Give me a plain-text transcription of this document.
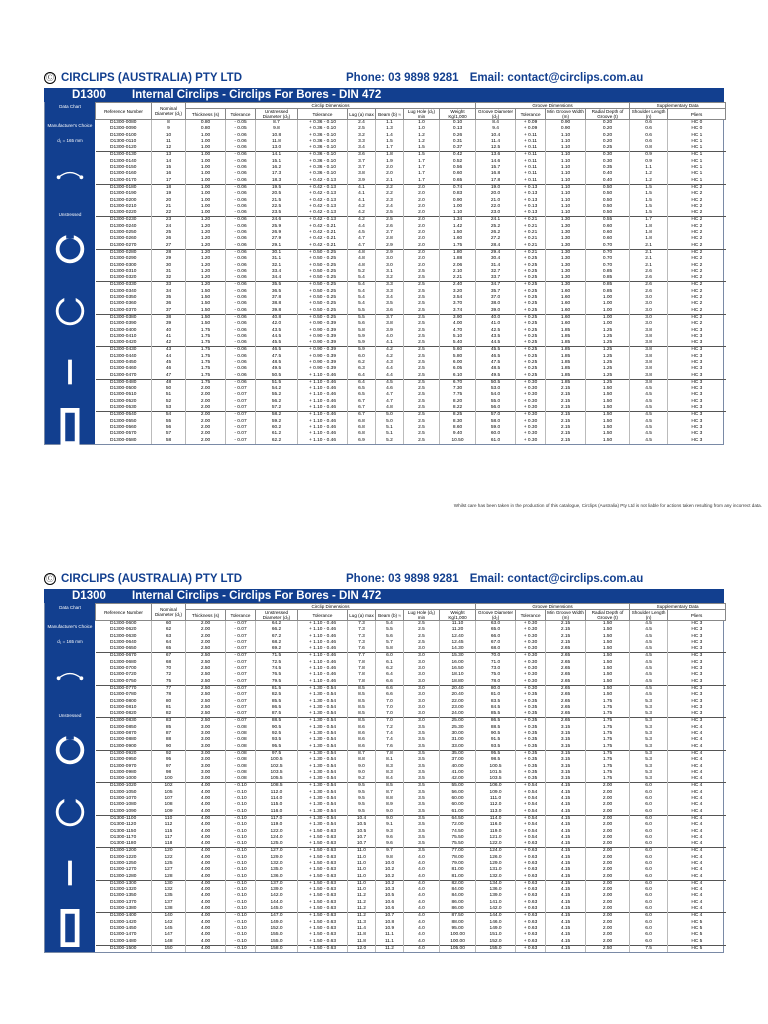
Ⓒ CIRCLIPS (AUSTRALIA) PTY LTD	Phone: 03 9898 9281 Email: contact@circlips.com.au
D1300 Internal Circlips - Circlips For Bores - DIN 472
Data Chart
Manufacturer's Choice
d₁ = 165 mm
Unstressed
Reference Number	Nominal Diameter (d₁)	Circlip Dimensions								Groove Dimensions				Supplementary Data	
		Thickness (s)	Tolerance	Unstressed Diameter (d₃)	Tolerance	Lug (a) max	Beam (b) ≈	Lug Hole (d₅) min	Weight Kg/1,000	Groove Diameter (d₂)	Tolerance	Min Groove Width (m)	Radial Depth of Groove (t)	Shoulder Length (n)	Pliers
D1300-0080	8	0.80	- 0.05	8.7	+ 0.36 - 0.10	2.4	1.1	1.0	0.10	8.4	+ 0.09	0.90	0.20	0.6	HC 0
D1300-0090	9	0.80	- 0.05	9.8	+ 0.36 - 0.10	2.5	1.3	1.0	0.13	9.4	+ 0.09	0.90	0.20	0.6	HC 0
D1300-0100	10	1.00	- 0.06	10.8	+ 0.36 - 0.10	3.2	1.4	1.2	0.26	10.4	+ 0.11	1.10	0.20	0.6	HC 1
D1300-0110	11	1.00	- 0.06	11.8	+ 0.36 - 0.10	3.3	1.5	1.2	0.31	11.4	+ 0.11	1.10	0.20	0.6	HC 1
D1300-0120	12	1.00	- 0.06	13.0	+ 0.36 - 0.10	3.4	1.7	1.5	0.37	12.5	+ 0.11	1.10	0.25	0.8	HC 1
D1300-0130	13	1.00	- 0.06	14.1	+ 0.36 - 0.10	3.6	1.8	1.5	0.42	13.6	+ 0.11	1.10	0.30	0.9	HC 1
D1300-0140	14	1.00	- 0.06	15.1	+ 0.36 - 0.10	3.7	1.9	1.7	0.52	14.6	+ 0.11	1.10	0.30	0.9	HC 1
D1300-0150	15	1.00	- 0.06	16.2	+ 0.36 - 0.10	3.7	2.0	1.7	0.56	15.7	+ 0.11	1.10	0.35	1.1	HC 1
D1300-0160	16	1.00	- 0.06	17.3	+ 0.36 - 0.10	3.8	2.0	1.7	0.60	16.8	+ 0.11	1.10	0.40	1.2	HC 1
D1300-0170	17	1.00	- 0.06	18.3	+ 0.42 - 0.13	3.9	2.1	1.7	0.65	17.8	+ 0.11	1.10	0.40	1.2	HC 1
D1300-0180	18	1.00	- 0.06	19.5	+ 0.42 - 0.13	4.1	2.2	2.0	0.74	19.0	+ 0.13	1.10	0.50	1.5	HC 2
D1300-0190	19	1.00	- 0.06	20.5	+ 0.42 - 0.13	4.1	2.2	2.0	0.83	20.0	+ 0.13	1.10	0.50	1.5	HC 2
D1300-0200	20	1.00	- 0.06	21.5	+ 0.42 - 0.13	4.1	2.3	2.0	0.90	21.0	+ 0.13	1.10	0.50	1.5	HC 2
D1300-0210	21	1.00	- 0.06	22.5	+ 0.42 - 0.13	4.2	2.4	2.0	1.00	22.0	+ 0.13	1.10	0.50	1.5	HC 2
D1300-0220	22	1.00	- 0.06	23.5	+ 0.42 - 0.13	4.2	2.5	2.0	1.10	23.0	+ 0.13	1.10	0.50	1.5	HC 2
D1300-0230	23	1.20	- 0.06	24.6	+ 0.42 - 0.13	4.2	2.5	2.0	1.34	24.1	+ 0.21	1.30	0.55	1.7	HC 2
D1300-0240	24	1.20	- 0.06	25.9	+ 0.42 - 0.21	4.4	2.6	2.0	1.42	25.2	+ 0.21	1.30	0.60	1.8	HC 2
D1300-0250	25	1.20	- 0.06	26.9	+ 0.42 - 0.21	4.5	2.7	2.0	1.50	26.2	+ 0.21	1.30	0.60	1.8	HC 2
D1300-0260	26	1.20	- 0.06	27.9	+ 0.42 - 0.21	4.7	2.8	2.0	1.60	27.2	+ 0.21	1.30	0.60	1.8	HC 2
D1300-0270	27	1.20	- 0.06	29.1	+ 0.42 - 0.21	4.7	2.9	2.0	1.75	28.4	+ 0.21	1.30	0.70	2.1	HC 2
D1300-0280	28	1.20	- 0.06	30.1	+ 0.50 - 0.25	4.8	2.9	2.0	1.80	29.4	+ 0.21	1.30	0.70	2.1	HC 2
D1300-0290	29	1.20	- 0.06	31.1	+ 0.50 - 0.25	4.8	3.0	2.0	1.88	30.4	+ 0.25	1.30	0.70	2.1	HC 2
D1300-0300	30	1.20	- 0.06	32.1	+ 0.50 - 0.25	4.8	3.0	2.0	2.06	31.4	+ 0.25	1.30	0.70	2.1	HC 2
D1300-0310	31	1.20	- 0.06	33.4	+ 0.50 - 0.25	5.2	3.1	2.5	2.10	32.7	+ 0.25	1.30	0.85	2.6	HC 2
D1300-0320	32	1.20	- 0.06	34.4	+ 0.50 - 0.25	5.4	3.2	2.5	2.21	33.7	+ 0.25	1.30	0.85	2.6	HC 2
D1300-0330	33	1.20	- 0.06	35.5	+ 0.50 - 0.25	5.4	3.3	2.5	2.40	34.7	+ 0.25	1.30	0.85	2.6	HC 2
D1300-0340	34	1.50	- 0.06	36.5	+ 0.50 - 0.25	5.4	3.3	2.5	3.20	35.7	+ 0.25	1.60	0.85	2.6	HC 2
D1300-0350	35	1.50	- 0.06	37.8	+ 0.50 - 0.25	5.4	3.4	2.5	3.54	37.0	+ 0.25	1.60	1.00	3.0	HC 2
D1300-0360	36	1.50	- 0.06	38.8	+ 0.50 - 0.25	5.4	3.5	2.5	3.70	38.0	+ 0.25	1.60	1.00	3.0	HC 2
D1300-0370	37	1.50	- 0.06	39.8	+ 0.50 - 0.25	5.5	3.6	2.5	3.74	39.0	+ 0.25	1.60	1.00	3.0	HC 2
D1300-0380	38	1.50	- 0.06	40.8	+ 0.50 - 0.25	5.5	3.7	2.5	3.90	40.0	+ 0.25	1.60	1.00	3.0	HC 2
D1300-0390	39	1.50	- 0.06	42.0	+ 0.90 - 0.39	5.6	3.8	2.5	4.00	41.0	+ 0.25	1.60	1.00	3.0	HC 2
D1300-0400	40	1.75	- 0.06	43.5	+ 0.90 - 0.39	5.8	3.9	2.5	4.70	42.5	+ 0.25	1.85	1.25	3.8	HC 3
D1300-0410	41	1.75	- 0.06	44.5	+ 0.90 - 0.39	5.9	4.0	2.5	5.10	43.5	+ 0.25	1.85	1.25	3.8	HC 3
D1300-0420	42	1.75	- 0.06	45.5	+ 0.90 - 0.39	5.9	4.1	2.5	5.40	44.5	+ 0.25	1.85	1.25	3.8	HC 3
D1300-0430	43	1.75	- 0.06	46.5	+ 0.90 - 0.39	5.9	4.2	2.5	5.60	45.5	+ 0.25	1.85	1.25	3.8	HC 3
D1300-0440	44	1.75	- 0.06	47.5	+ 0.90 - 0.39	6.0	4.2	2.5	5.80	46.5	+ 0.25	1.85	1.25	3.8	HC 3
D1300-0450	45	1.75	- 0.06	48.5	+ 0.90 - 0.39	6.2	4.3	2.5	6.00	47.5	+ 0.25	1.85	1.25	3.8	HC 3
D1300-0460	46	1.75	- 0.06	49.5	+ 0.90 - 0.39	6.3	4.4	2.5	6.05	48.5	+ 0.25	1.85	1.25	3.8	HC 3
D1300-0470	47	1.75	- 0.06	50.5	+ 1.10 - 0.46	6.4	4.4	2.5	6.10	49.5	+ 0.25	1.85	1.25	3.8	HC 3
D1300-0480	48	1.75	- 0.06	51.5	+ 1.10 - 0.46	6.4	4.5	2.5	6.70	50.5	+ 0.30	1.85	1.25	3.8	HC 3
D1300-0500	50	2.00	- 0.07	54.2	+ 1.10 - 0.46	6.5	4.6	2.5	7.30	53.0	+ 0.30	2.15	1.50	4.5	HC 3
D1300-0510	51	2.00	- 0.07	55.2	+ 1.10 - 0.46	6.5	4.7	2.5	7.75	54.0	+ 0.30	2.15	1.50	4.5	HC 3
D1300-0520	52	2.00	- 0.07	56.2	+ 1.10 - 0.46	6.7	4.7	2.5	8.20	55.0	+ 0.30	2.15	1.50	4.5	HC 3
D1300-0530	53	2.00	- 0.07	57.2	+ 1.10 - 0.46	6.7	4.8	2.5	8.22	56.0	+ 0.30	2.15	1.50	4.5	HC 3
D1300-0540	54	2.00	- 0.07	58.2	+ 1.10 - 0.46	6.7	5.0	2.5	8.25	57.0	+ 0.30	2.15	1.50	4.5	HC 3
D1300-0550	55	2.00	- 0.07	59.2	+ 1.10 - 0.46	6.8	5.0	2.5	8.30	58.0	+ 0.30	2.15	1.50	4.5	HC 3
D1300-0560	56	2.00	- 0.07	60.2	+ 1.10 - 0.46	6.8	5.1	2.5	8.60	59.0	+ 0.30	2.15	1.50	4.5	HC 3
D1300-0570	57	2.00	- 0.07	61.2	+ 1.10 - 0.46	6.8	5.1	2.5	9.40	60.0	+ 0.30	2.15	1.50	4.5	HC 3
D1300-0580	58	2.00	- 0.07	62.2	+ 1.10 - 0.46	6.9	5.2	2.5	10.50	61.0	+ 0.30	2.15	1.50	4.5	HC 3
Ⓒ CIRCLIPS (AUSTRALIA) PTY LTD	Phone: 03 9898 9281 Email: contact@circlips.com.au
D1300 Internal Circlips - Circlips For Bores - DIN 472
Data Chart
Manufacturer's Choice
d₁ = 165 mm
Unstressed
Reference Number	Nominal Diameter (d₁)	Circlip Dimensions								Groove Dimensions				Supplementary Data	
		Thickness (s)	Tolerance	Unstressed Diameter (d₃)	Tolerance	Lug (a) max	Beam (b) ≈	Lug Hole (d₅) min	Weight Kg/1,000	Groove Diameter (d₂)	Tolerance	Min Groove Width (m)	Radial Depth of Groove (t)	Shoulder Length (n)	Pliers
D1300-0600	60	2.00	- 0.07	64.2	+ 1.10 - 0.46	7.3	5.4	2.5	11.10	63.0	+ 0.30	2.15	1.50	4.5	HC 3
D1300-0620	62	2.00	- 0.07	66.2	+ 1.10 - 0.46	7.3	5.5	2.5	11.20	65.0	+ 0.30	2.15	1.50	4.5	HC 3
D1300-0630	63	2.00	- 0.07	67.2	+ 1.10 - 0.46	7.3	5.6	2.5	12.40	66.0	+ 0.30	2.15	1.50	4.5	HC 3
D1300-0640	64	2.00	- 0.07	68.2	+ 1.10 - 0.46	7.3	5.7	2.5	12.45	67.0	+ 0.30	2.15	1.50	4.5	HC 3
D1300-0650	65	2.50	- 0.07	69.2	+ 1.10 - 0.46	7.6	5.8	3.0	14.30	68.0	+ 0.30	2.65	1.50	4.5	HC 3
D1300-0670	67	2.50	- 0.07	71.5	+ 1.10 - 0.46	7.7	6.0	3.0	15.30	70.0	+ 0.30	2.65	1.50	4.5	HC 3
D1300-0680	68	2.50	- 0.07	72.5	+ 1.10 - 0.46	7.8	6.1	3.0	16.00	71.0	+ 0.30	2.65	1.50	4.5	HC 3
D1300-0700	70	2.50	- 0.07	74.5	+ 1.10 - 0.46	7.8	6.2	3.0	16.50	73.0	+ 0.30	2.65	1.50	4.5	HC 3
D1300-0720	72	2.50	- 0.07	76.5	+ 1.10 - 0.46	7.8	6.4	3.0	18.10	75.0	+ 0.30	2.65	1.50	4.5	HC 3
D1300-0750	75	2.50	- 0.07	79.5	+ 1.10 - 0.46	7.8	6.6	3.0	18.80	78.0	+ 0.30	2.65	1.50	4.5	HC 3
D1300-0770	77	2.50	- 0.07	81.5	+ 1.30 - 0.54	8.5	6.6	3.0	20.40	80.0	+ 0.30	2.65	1.50	4.5	HC 3
D1300-0780	78	2.50	- 0.07	82.5	+ 1.30 - 0.54	8.5	6.6	3.0	20.40	81.0	+ 0.35	2.65	1.50	4.5	HC 3
D1300-0800	80	2.50	- 0.07	85.5	+ 1.30 - 0.54	8.5	7.0	3.0	22.00	83.5	+ 0.35	2.65	1.75	5.3	HC 3
D1300-0810	81	2.50	- 0.07	86.5	+ 1.30 - 0.54	8.5	7.0	3.0	23.00	84.5	+ 0.35	2.65	1.75	5.3	HC 3
D1300-0820	82	2.50	- 0.07	87.5	+ 1.30 - 0.54	8.5	7.0	3.0	24.00	85.5	+ 0.35	2.65	1.75	5.3	HC 3
D1300-0830	83	2.50	- 0.07	88.5	+ 1.30 - 0.54	8.5	7.0	3.0	25.00	86.5	+ 0.35	2.65	1.75	5.3	HC 3
D1300-0850	85	3.00	- 0.08	90.5	+ 1.30 - 0.54	8.6	7.2	3.5	25.30	88.5	+ 0.35	3.15	1.75	5.3	HC 4
D1300-0870	87	3.00	- 0.08	92.5	+ 1.30 - 0.54	8.6	7.4	3.5	30.00	90.5	+ 0.35	3.15	1.75	5.3	HC 4
D1300-0880	88	3.00	- 0.08	93.5	+ 1.30 - 0.54	8.6	7.4	3.5	31.00	91.5	+ 0.35	3.15	1.75	5.3	HC 4
D1300-0900	90	3.00	- 0.08	95.5	+ 1.30 - 0.54	8.6	7.6	3.5	33.00	93.5	+ 0.35	3.15	1.75	5.3	HC 4
D1300-0920	92	3.00	- 0.08	97.5	+ 1.30 - 0.54	8.7	7.8	3.5	35.00	95.5	+ 0.35	3.15	1.75	5.3	HC 4
D1300-0950	95	3.00	- 0.08	100.5	+ 1.30 - 0.54	8.8	8.1	3.5	37.00	98.5	+ 0.35	3.15	1.75	5.3	HC 4
D1300-0970	97	3.00	- 0.08	102.5	+ 1.30 - 0.54	9.0	8.3	3.5	40.00	100.5	+ 0.35	3.15	1.75	5.3	HC 4
D1300-0980	98	3.00	- 0.08	103.5	+ 1.30 - 0.54	9.0	8.3	3.5	41.00	101.5	+ 0.35	3.15	1.75	5.3	HC 4
D1300-1000	100	3.00	- 0.08	105.5	+ 1.30 - 0.54	9.2	8.4	3.5	42.00	103.5	+ 0.35	3.15	1.75	5.3	HC 4
D1300-1020	102	4.00	- 0.10	108.5	+ 1.30 - 0.54	9.5	8.5	3.5	55.00	106.0	+ 0.54	4.15	2.00	6.0	HC 4
D1300-1050	105	4.00	- 0.10	112.0	+ 1.30 - 0.54	9.5	8.7	3.5	56.00	109.0	+ 0.54	4.15	2.00	6.0	HC 4
D1300-1070	107	4.00	- 0.10	114.0	+ 1.30 - 0.54	9.5	8.8	3.5	60.00	111.0	+ 0.54	4.15	2.00	6.0	HC 4
D1300-1080	108	4.00	- 0.10	115.0	+ 1.30 - 0.54	9.5	8.9	3.5	60.00	112.0	+ 0.54	4.15	2.00	6.0	HC 4
D1300-1090	109	4.00	- 0.10	116.0	+ 1.30 - 0.54	9.5	9.0	3.5	61.00	113.0	+ 0.54	4.15	2.00	6.0	HC 4
D1300-1100	110	4.00	- 0.10	117.0	+ 1.30 - 0.54	10.4	9.0	3.5	64.50	114.0	+ 0.54	4.15	2.00	6.0	HC 4
D1300-1120	112	4.00	- 0.10	119.0	+ 1.30 - 0.54	10.5	9.1	3.5	72.00	116.0	+ 0.54	4.15	2.00	6.0	HC 4
D1300-1150	115	4.00	- 0.10	122.0	+ 1.50 - 0.63	10.5	9.3	3.5	74.50	119.0	+ 0.54	4.15	2.00	6.0	HC 4
D1300-1170	117	4.00	- 0.10	124.0	+ 1.50 - 0.63	10.7	9.6	3.5	75.50	121.0	+ 0.54	4.15	2.00	6.0	HC 4
D1300-1180	118	4.00	- 0.10	125.0	+ 1.50 - 0.63	10.7	9.6	3.5	75.50	122.0	+ 0.63	4.15	2.00	6.0	HC 4
D1300-1200	120	4.00	- 0.10	127.0	+ 1.50 - 0.63	11.0	9.7	3.5	77.00	124.0	+ 0.63	4.15	2.00	6.0	HC 4
D1300-1220	122	4.00	- 0.10	129.0	+ 1.50 - 0.63	11.0	9.8	4.0	78.00	126.0	+ 0.63	4.15	2.00	6.0	HC 4
D1300-1250	125	4.00	- 0.10	132.0	+ 1.50 - 0.63	11.0	10.0	4.0	79.00	129.0	+ 0.63	4.15	2.00	6.0	HC 4
D1300-1270	127	4.00	- 0.10	135.0	+ 1.50 - 0.63	11.0	10.2	4.0	81.00	131.0	+ 0.63	4.15	2.00	6.0	HC 4
D1300-1280	128	4.00	- 0.10	136.0	+ 1.50 - 0.63	11.0	10.2	4.0	81.00	132.0	+ 0.63	4.15	2.00	6.0	HC 4
D1300-1300	130	4.00	- 0.10	137.0	+ 1.50 - 0.63	11.0	10.2	4.0	82.00	134.0	+ 0.63	4.15	2.00	6.0	HC 4
D1300-1320	132	4.00	- 0.10	139.0	+ 1.50 - 0.63	11.0	10.3	4.0	84.00	136.0	+ 0.63	4.15	2.00	6.0	HC 4
D1300-1350	135	4.00	- 0.10	142.0	+ 1.50 - 0.63	11.2	10.5	4.0	84.00	139.0	+ 0.63	4.15	2.00	6.0	HC 4
D1300-1370	137	4.00	- 0.10	144.0	+ 1.50 - 0.63	11.2	10.6	4.0	86.00	141.0	+ 0.63	4.15	2.00	6.0	HC 4
D1300-1380	138	4.00	- 0.10	145.0	+ 1.50 - 0.63	11.2	10.6	4.0	86.00	142.0	+ 0.63	4.15	2.00	6.0	HC 4
D1300-1400	140	4.00	- 0.10	147.0	+ 1.50 - 0.63	11.2	10.7	4.0	87.50	144.0	+ 0.63	4.15	2.00	6.0	HC 4
D1300-1420	142	4.00	- 0.10	149.0	+ 1.50 - 0.63	11.3	10.8	4.0	88.00	146.0	+ 0.63	4.15	2.00	6.0	HC 5
D1300-1450	145	4.00	- 0.10	152.0	+ 1.50 - 0.63	11.4	10.9	4.0	95.00	149.0	+ 0.63	4.15	2.00	6.0	HC 5
D1300-1470	147	4.00	- 0.10	155.0	+ 1.50 - 0.63	11.8	11.1	4.0	100.00	151.0	+ 0.63	4.15	2.00	6.0	HC 5
D1300-1480	148	4.00	- 0.10	155.0	+ 1.50 - 0.63	11.8	11.1	4.0	100.00	152.0	+ 0.63	4.15	2.00	6.0	HC 5
D1300-1500	150	4.00	- 0.10	158.0	+ 1.50 - 0.63	12.0	11.2	4.0	105.00	155.0	+ 0.63	4.15	2.50	7.5	HC 5
Whilst care has been taken in the production of this catalogue, Circlips (Australia) Pty Ltd is not liable for actions taken resulting from any incorrect data.
